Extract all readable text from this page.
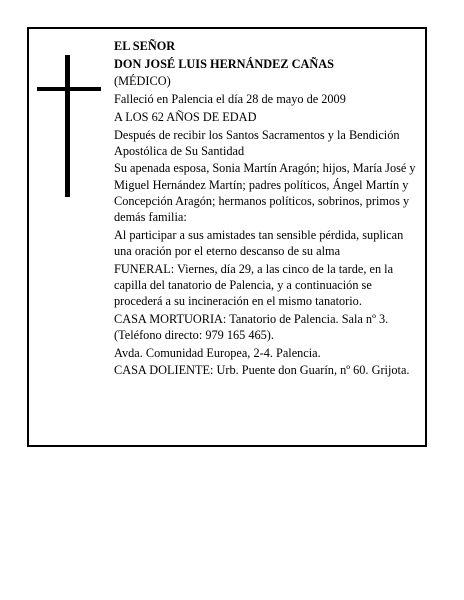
EL SEÑOR

DON JOSÉ LUIS HERNÁNDEZ CAÑAS

(MÉDICO)

Falleció en Palencia el día 28 de mayo de 2009

A LOS 62 AÑOS DE EDAD

Después de recibir los Santos Sacramentos y la Bendición Apostólica de Su Santidad

Su apenada esposa, Sonia Martín Aragón; hijos, María José y Miguel Hernández Martín; padres políticos, Ángel Martín y Concepción Aragón; hermanos políticos, sobrinos, primos y demás familia:

Al participar a sus amistades tan sensible pérdida, suplican una oración por el eterno descanso de su alma

FUNERAL: Viernes, día 29, a las cinco de la tarde, en la capilla del tanatorio de Palencia, y a continuación se procederá a su incineración en el mismo tanatorio.

CASA MORTUORIA: Tanatorio de Palencia. Sala nº 3. (Teléfono directo: 979 165 465).

Avda. Comunidad Europea, 2-4. Palencia.

CASA DOLIENTE: Urb. Puente don Guarín, nº 60. Grijota.
